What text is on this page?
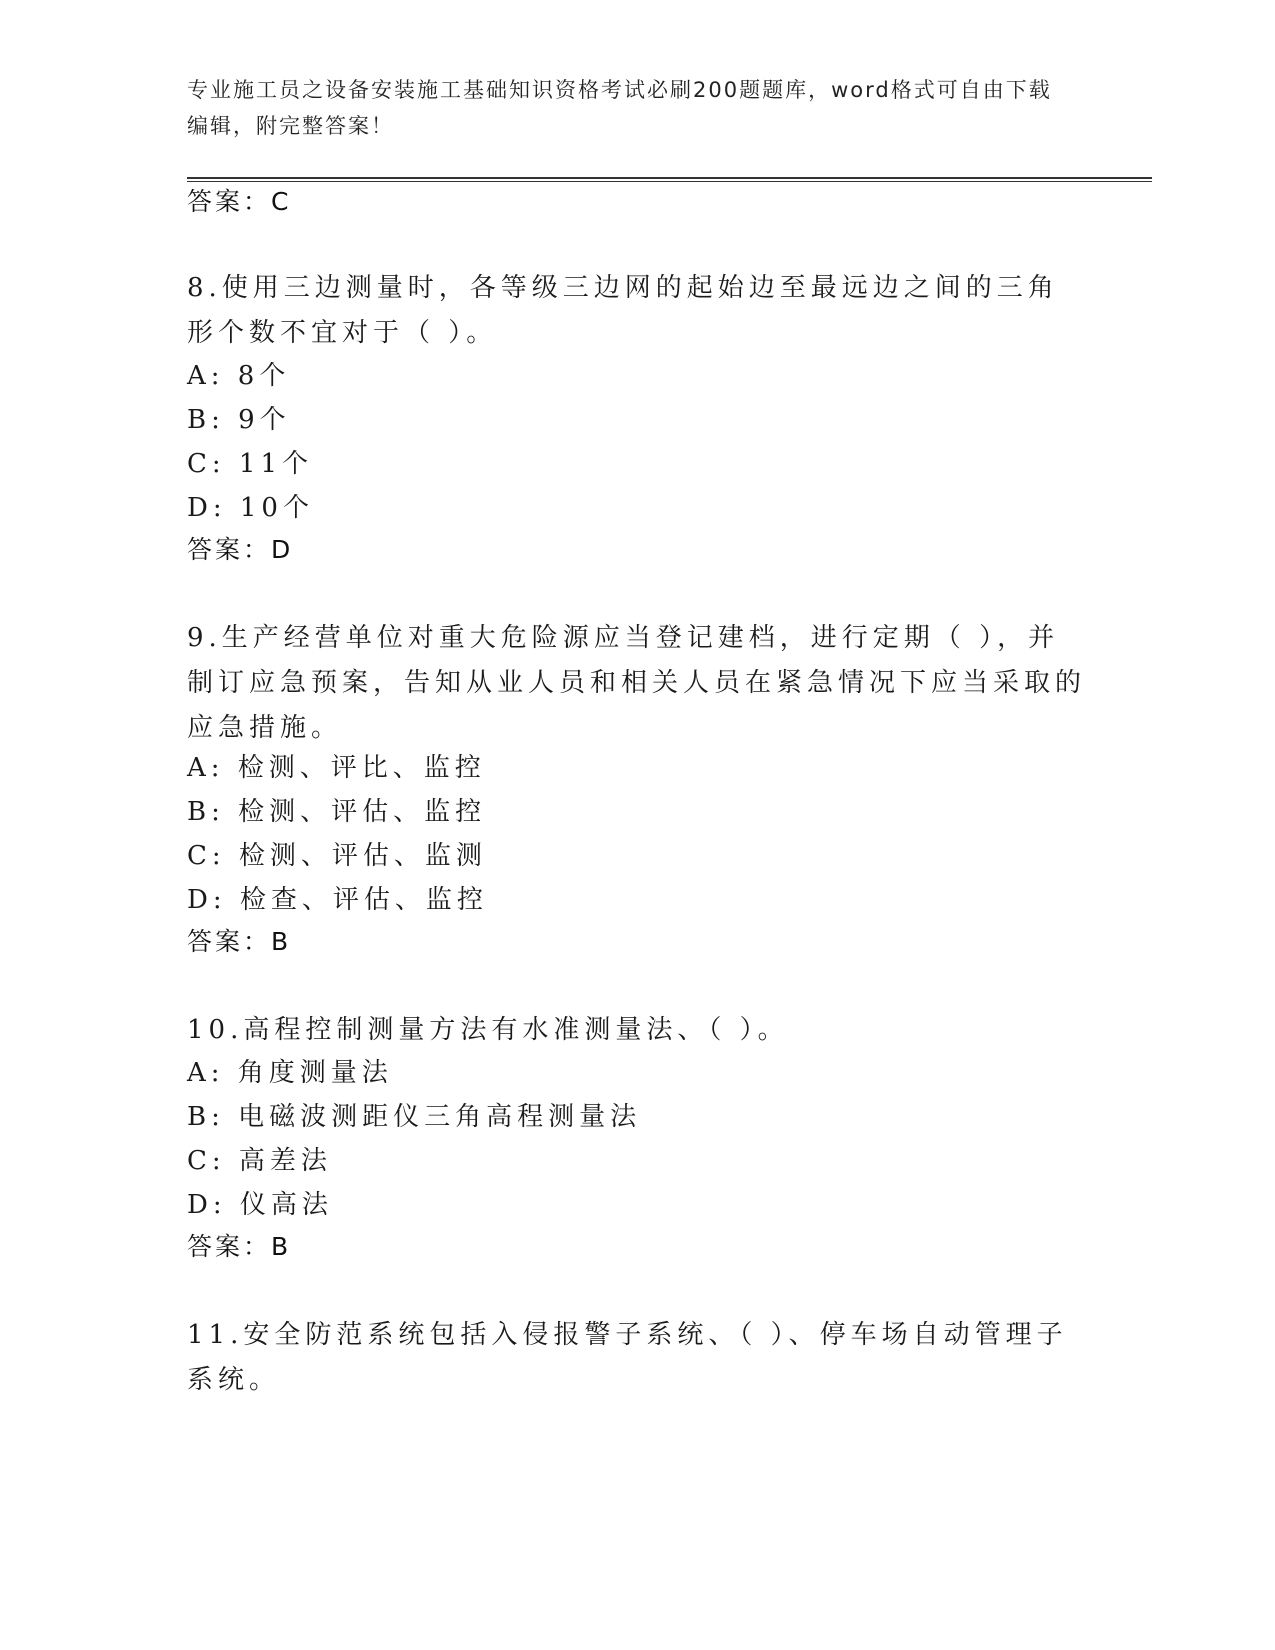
专业施工员之设备安装施工基础知识资格考试必刷200题题库，word格式可自由下载编辑，附完整答案！
答案：C
8.使用三边测量时，各等级三边网的起始边至最远边之间的三角形个数不宜对于（ ）。
A: 8个
B: 9个
C: 11个
D: 10个
答案：D
9.生产经营单位对重大危险源应当登记建档，进行定期（ ），并制订应急预案，告知从业人员和相关人员在紧急情况下应当采取的应急措施。
A: 检测、评比、监控
B: 检测、评估、监控
C: 检测、评估、监测
D: 检查、评估、监控
答案：B
10.高程控制测量方法有水准测量法、（ ）。
A: 角度测量法
B: 电磁波测距仪三角高程测量法
C: 高差法
D: 仪高法
答案：B
11.安全防范系统包括入侵报警子系统、（ ）、停车场自动管理子系统。
